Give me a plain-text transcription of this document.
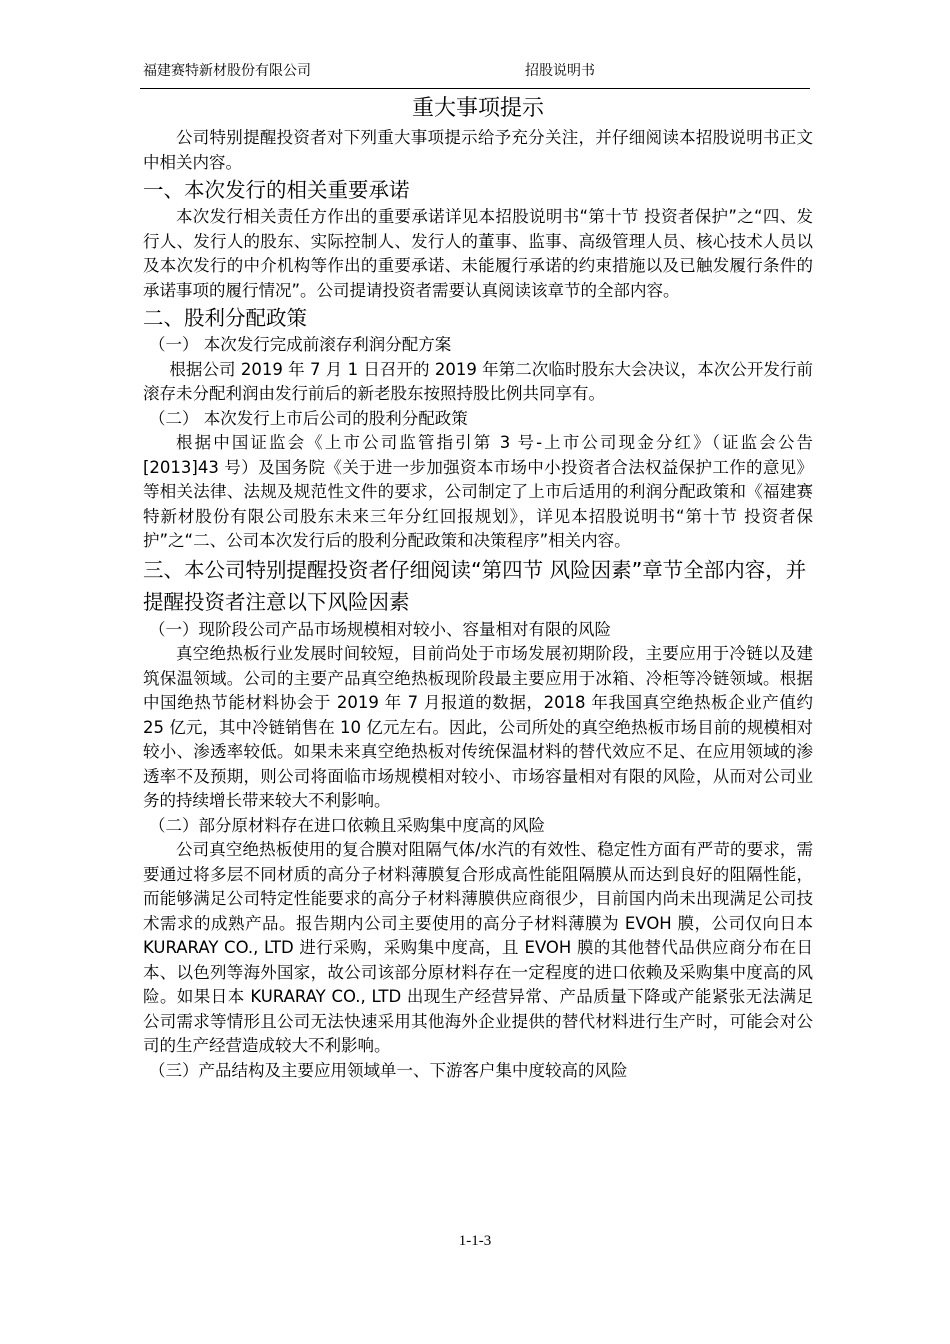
福建赛特新材股份有限公司	招股说明书
重大事项提示

公司特别提醒投资者对下列重大事项提示给予充分关注，并仔细阅读本招股说明书正文中相关内容。

一、本次发行的相关重要承诺

本次发行相关责任方作出的重要承诺详见本招股说明书“第十节 投资者保护”之“四、发行人、发行人的股东、实际控制人、发行人的董事、监事、高级管理人员、核心技术人员以及本次发行的中介机构等作出的重要承诺、未能履行承诺的约束措施以及已触发履行条件的承诺事项的履行情况”。公司提请投资者需要认真阅读该章节的全部内容。

二、股利分配政策
（一） 本次发行完成前滚存利润分配方案

根据公司 2019 年 7 月 1 日召开的 2019 年第二次临时股东大会决议，本次公开发行前滚存未分配利润由发行前后的新老股东按照持股比例共同享有。

（二） 本次发行上市后公司的股利分配政策

根据中国证监会《上市公司监管指引第 3 号-上市公司现金分红》（证监会公告[2013]43 号）及国务院《关于进一步加强资本市场中小投资者合法权益保护工作的意见》等相关法律、法规及规范性文件的要求，公司制定了上市后适用的利润分配政策和《福建赛特新材股份有限公司股东未来三年分红回报规划》，详见本招股说明书“第十节 投资者保护”之“二、公司本次发行后的股利分配政策和决策程序”相关内容。

三、本公司特别提醒投资者仔细阅读“第四节 风险因素”章节全部内容，并提醒投资者注意以下风险因素
（一）现阶段公司产品市场规模相对较小、容量相对有限的风险

真空绝热板行业发展时间较短，目前尚处于市场发展初期阶段，主要应用于冷链以及建筑保温领域。公司的主要产品真空绝热板现阶段最主要应用于冰箱、冷柜等冷链领域。根据中国绝热节能材料协会于 2019 年 7 月报道的数据，2018 年我国真空绝热板企业产值约 25 亿元，其中冷链销售在 10 亿元左右。因此，公司所处的真空绝热板市场目前的规模相对较小、渗透率较低。如果未来真空绝热板对传统保温材料的替代效应不足、在应用领域的渗透率不及预期，则公司将面临市场规模相对较小、市场容量相对有限的风险，从而对公司业务的持续增长带来较大不利影响。

（二）部分原材料存在进口依赖且采购集中度高的风险

公司真空绝热板使用的复合膜对阻隔气体/水汽的有效性、稳定性方面有严苛的要求，需要通过将多层不同材质的高分子材料薄膜复合形成高性能阻隔膜从而达到良好的阻隔性能，而能够满足公司特定性能要求的高分子材料薄膜供应商很少，目前国内尚未出现满足公司技术需求的成熟产品。报告期内公司主要使用的高分子材料薄膜为 EVOH 膜，公司仅向日本 KURARAY CO., LTD 进行采购，采购集中度高，且 EVOH 膜的其他替代品供应商分布在日本、以色列等海外国家，故公司该部分原材料存在一定程度的进口依赖及采购集中度高的风险。如果日本 KURARAY CO., LTD 出现生产经营异常、产品质量下降或产能紧张无法满足公司需求等情形且公司无法快速采用其他海外企业提供的替代材料进行生产时，可能会对公司的生产经营造成较大不利影响。

（三）产品结构及主要应用领域单一、下游客户集中度较高的风险
1-1-3
